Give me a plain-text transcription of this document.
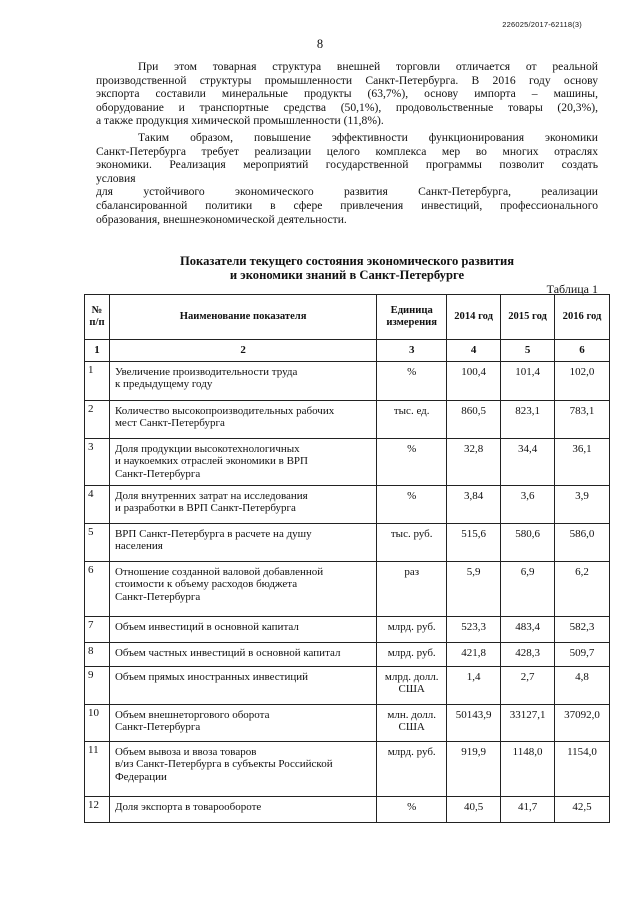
226025/2017-62118(3)
8
При этом товарная структура внешней торговли отличается от реальной
производственной структуры промышленности Санкт-Петербурга. В 2016 году основу
экспорта составили минеральные продукты (63,7%), основу импорта – машины,
оборудование и транспортные средства (50,1%), продовольственные товары (20,3%),
а также продукция химической промышленности (11,8%).
Таким образом, повышение эффективности функционирования экономики
Санкт-Петербурга требует реализации целого комплекса мер во многих отраслях
экономики. Реализация мероприятий государственной программы позволит создать
условия
для устойчивого экономического развития Санкт-Петербурга, реализации
сбалансированной политики в сфере привлечения инвестиций, профессионального
образования, внешнеэкономической деятельности.
Показатели текущего состояния экономического развития
и экономики знаний в Санкт-Петербурге
Таблица 1
№ п/п	Наименование показателя	Единица измерения	2014 год	2015 год	2016 год
1	2	3	4	5	6
1	Увеличение производительности труда
к предыдущему году	%	100,4	101,4	102,0
2	Количество высокопроизводительных рабочих
мест Санкт-Петербурга	тыс. ед.	860,5	823,1	783,1
3	Доля продукции высокотехнологичных
и наукоемких отраслей экономики в ВРП
Санкт-Петербурга	%	32,8	34,4	36,1
4	Доля внутренних затрат на исследования
и разработки в ВРП Санкт-Петербурга	%	3,84	3,6	3,9
5	ВРП Санкт-Петербурга в расчете на душу
населения	тыс. руб.	515,6	580,6	586,0
6	Отношение созданной валовой добавленной
стоимости к объему расходов бюджета
Санкт-Петербурга	раз	5,9	6,9	6,2
7	Объем инвестиций в основной капитал	млрд. руб.	523,3	483,4	582,3
8	Объем частных инвестиций в основной капитал	млрд. руб.	421,8	428,3	509,7
9	Объем прямых иностранных инвестиций	млрд. долл.
США	1,4	2,7	4,8
10	Объем внешнеторгового оборота
Санкт-Петербурга	млн. долл.
США	50143,9	33127,1	37092,0
11	Объем вывоза и ввоза товаров
в/из Санкт-Петербурга в субъекты Российской
Федерации	млрд. руб.	919,9	1148,0	1154,0
12	Доля экспорта в товарообороте	%	40,5	41,7	42,5
